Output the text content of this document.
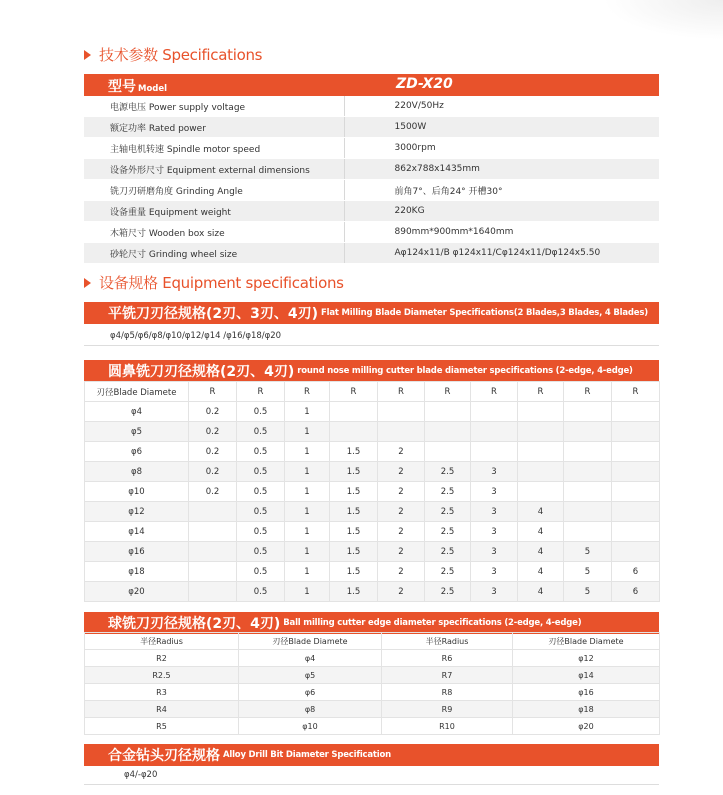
技术参数 Specifications
型号 Model	ZD-X20
电源电压 Power supply voltage	220V/50Hz
额定功率 Rated power	1500W
主轴电机转速 Spindle motor speed	3000rpm
设备外形尺寸 Equipment external dimensions	862x788x1435mm
铣刀刃研磨角度 Grinding Angle	前角7°、后角24° 开槽30°
设备重量 Equipment weight	220KG
木箱尺寸 Wooden box size	890mm*900mm*1640mm
砂轮尺寸 Grinding wheel size	Aφ124x11/B φ124x11/Cφ124x11/Dφ124x5.50
设备规格 Equipment specifications
平铣刀刃径规格(2刃、3刃、4刃) Flat Milling Blade Diameter Specifications(2 Blades,3 Blades, 4 Blades)
φ4/φ5/φ6/φ8/φ10/φ12/φ14 /φ16/φ18/φ20
圆鼻铣刀刃径规格(2刃、4刃) round nose milling cutter blade diameter specifications (2-edge, 4-edge)
刃径Blade Diamete	R	R	R	R	R	R	R	R	R	R
φ4	0.2	0.5	1							
φ5	0.2	0.5	1							
φ6	0.2	0.5	1	1.5	2					
φ8	0.2	0.5	1	1.5	2	2.5	3			
φ10	0.2	0.5	1	1.5	2	2.5	3			
φ12		0.5	1	1.5	2	2.5	3	4		
φ14		0.5	1	1.5	2	2.5	3	4		
φ16		0.5	1	1.5	2	2.5	3	4	5	
φ18		0.5	1	1.5	2	2.5	3	4	5	6
φ20		0.5	1	1.5	2	2.5	3	4	5	6
球铣刀刃径规格(2刃、4刃) Ball milling cutter edge diameter specifications (2-edge, 4-edge)
半径Radius	刃径Blade Diamete	半径Radius	刃径Blade Diamete
R2	φ4	R6	φ12
R2.5	φ5	R7	φ14
R3	φ6	R8	φ16
R4	φ8	R9	φ18
R5	φ10	R10	φ20
合金钻头刃径规格 Alloy Drill Bit Diameter Specification
φ4/-φ20
